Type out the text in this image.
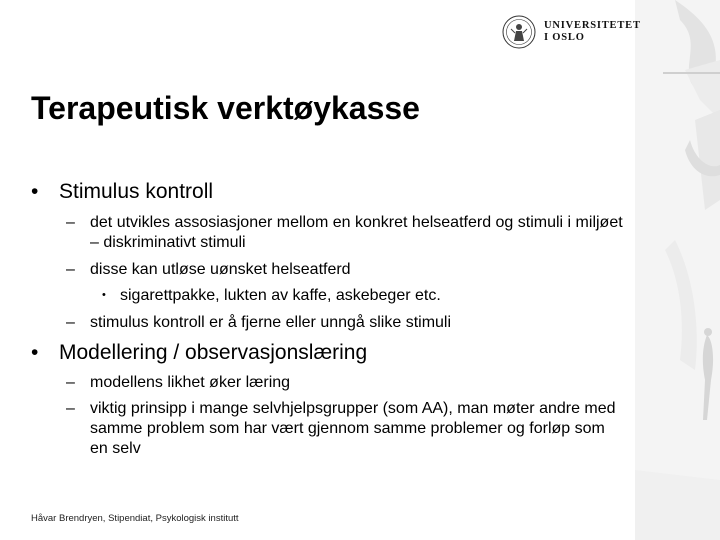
UNIVERSITETET
I OSLO
Terapeutisk verktøykasse
• Stimulus kontroll
– det utvikles assosiasjoner mellom en konkret helseatferd og stimuli i miljøet – diskriminativt stimuli
– disse kan utløse uønsket helseatferd
• sigarettpakke, lukten av kaffe, askebeger etc.
– stimulus kontroll er å fjerne eller unngå slike stimuli
• Modellering / observasjonslæring
– modellens likhet øker læring
– viktig prinsipp i mange selvhjelpsgrupper (som AA), man møter andre med samme problem som har vært gjennom samme problemer og forløp som en selv
Håvar Brendryen, Stipendiat, Psykologisk institutt
